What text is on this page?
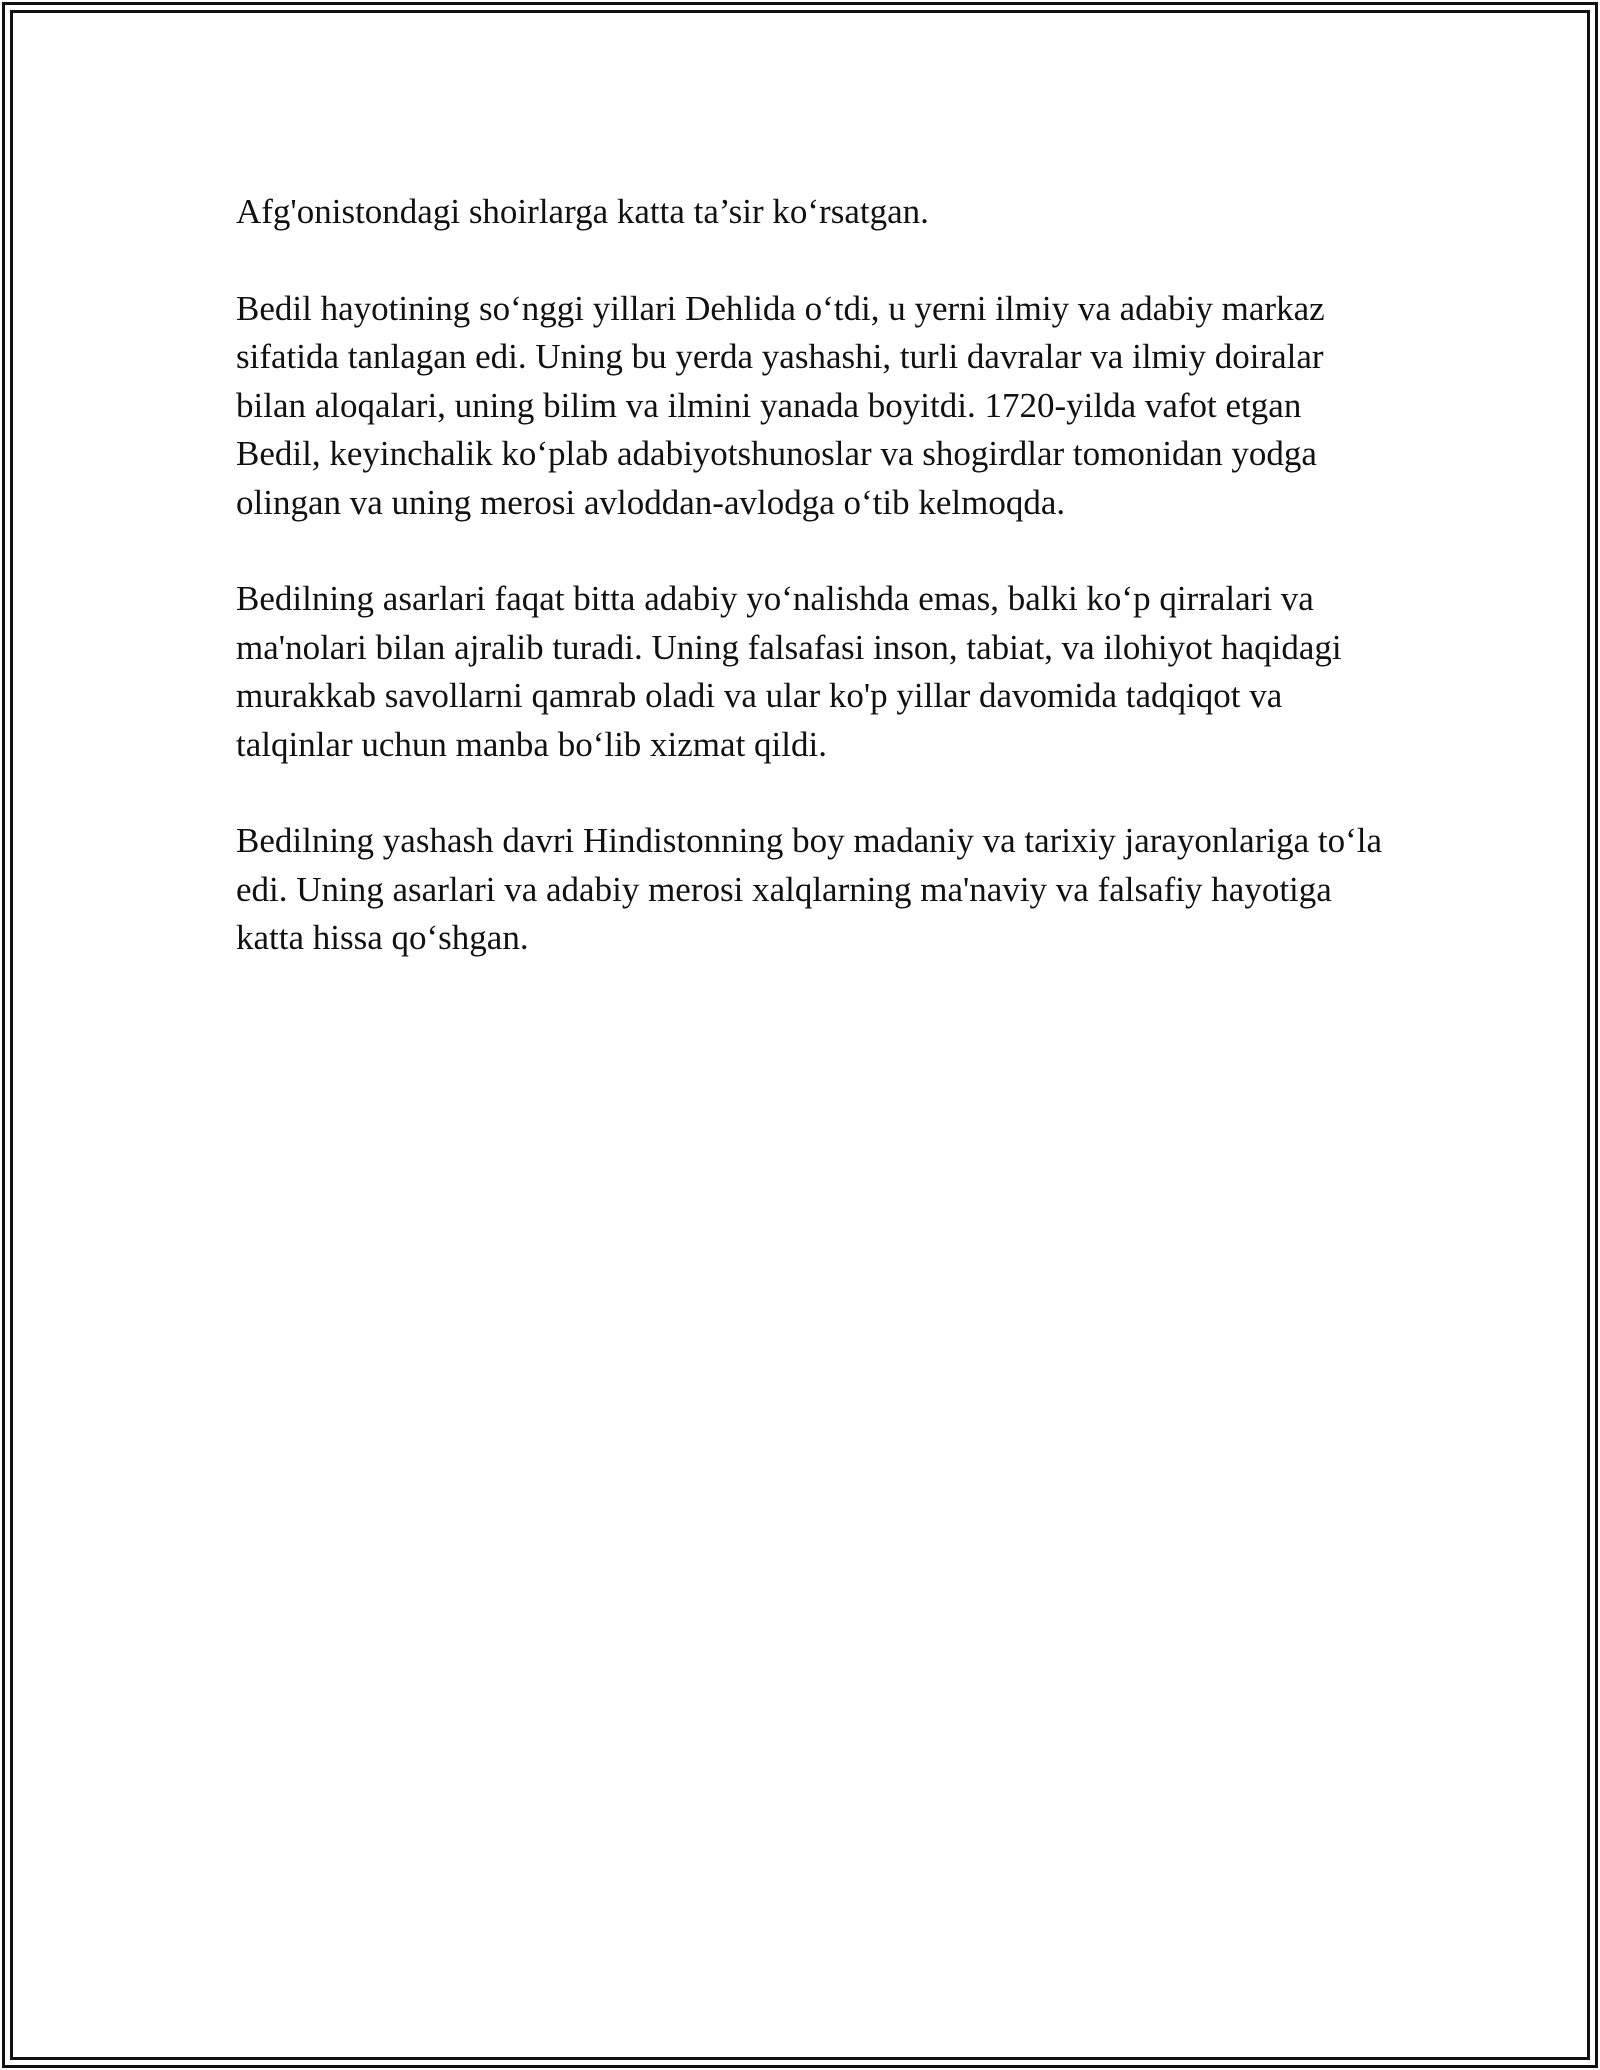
Afg'onistondagi shoirlarga katta ta’sir ko‘rsatgan.

Bedil hayotining so‘nggi yillari Dehlida o‘tdi, u yerni ilmiy va adabiy markaz sifatida tanlagan edi. Uning bu yerda yashashi, turli davralar va ilmiy doiralar bilan aloqalari, uning bilim va ilmini yanada boyitdi. 1720-yilda vafot etgan Bedil, keyinchalik ko‘plab adabiyotshunoslar va shogirdlar tomonidan yodga olingan va uning merosi avloddan-avlodga o‘tib kelmoqda.

Bedilning asarlari faqat bitta adabiy yo‘nalishda emas, balki ko‘p qirralari va ma'nolari bilan ajralib turadi. Uning falsafasi inson, tabiat, va ilohiyot haqidagi murakkab savollarni qamrab oladi va ular ko'p yillar davomida tadqiqot va talqinlar uchun manba bo‘lib xizmat qildi.

Bedilning yashash davri Hindistonning boy madaniy va tarixiy jarayonlariga to‘la edi. Uning asarlari va adabiy merosi xalqlarning ma'naviy va falsafiy hayotiga katta hissa qo‘shgan.
